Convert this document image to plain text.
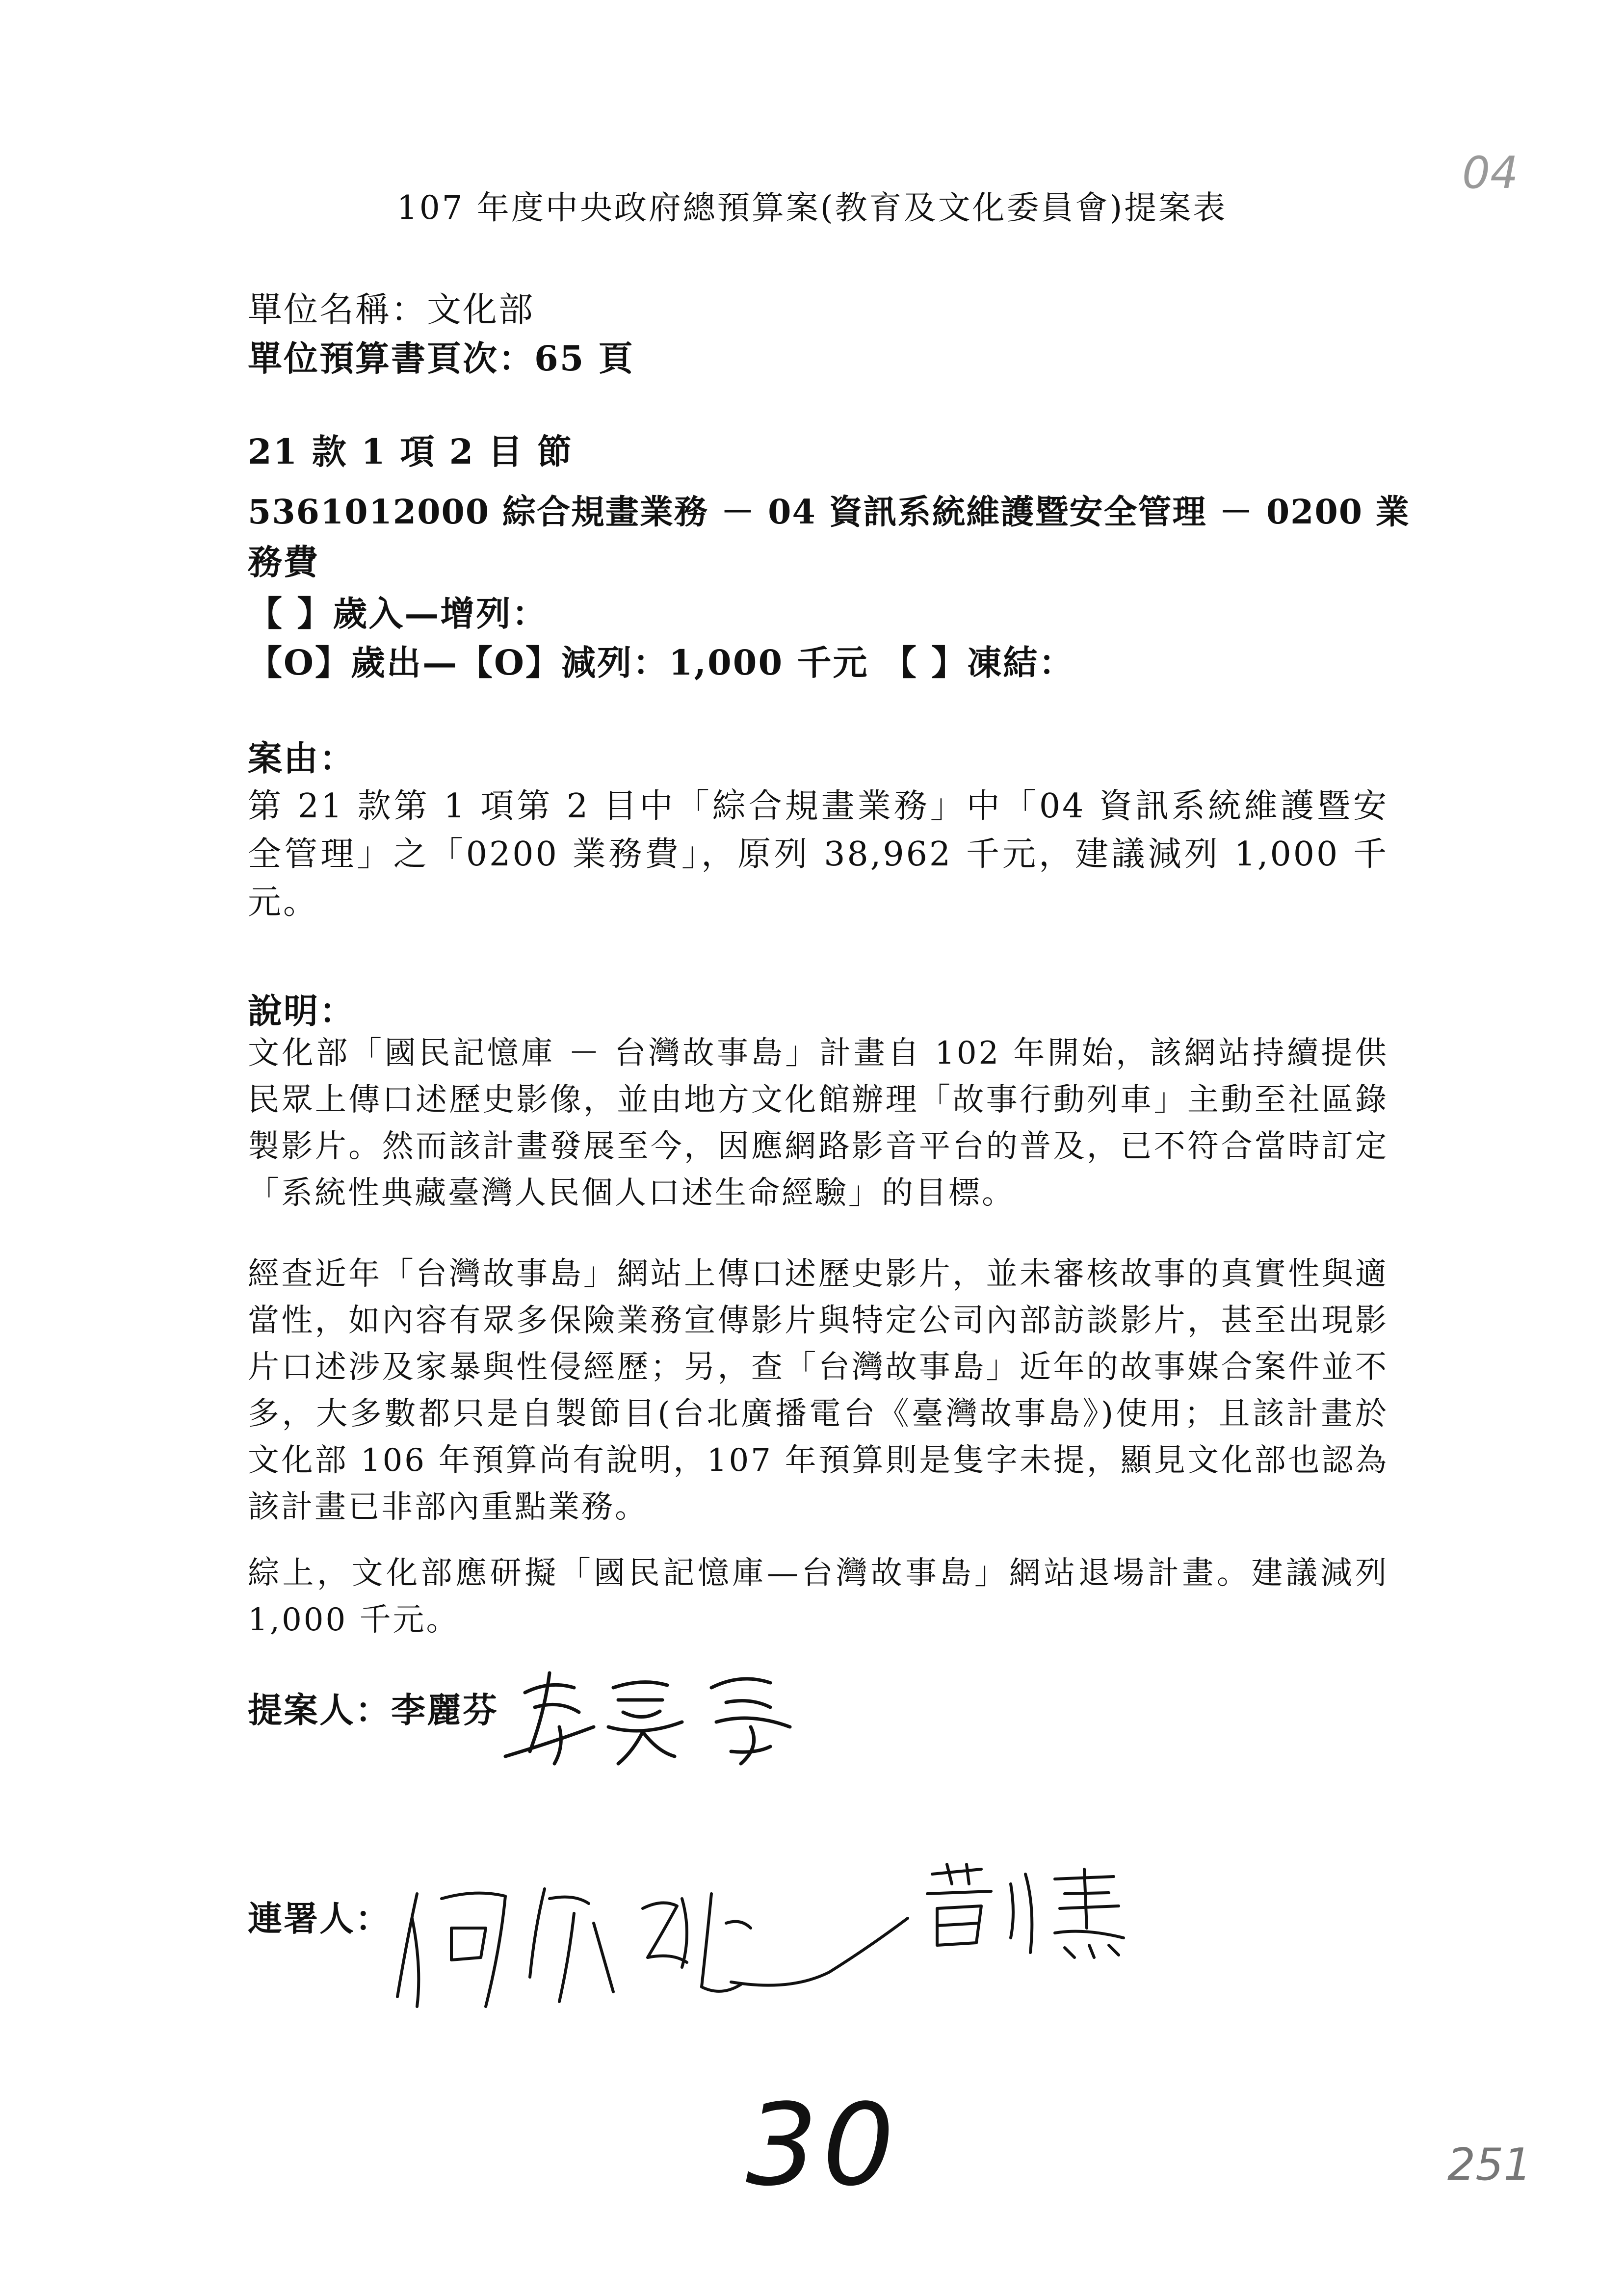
04
107 年度中央政府總預算案(教育及文化委員會)提案表
單位名稱：文化部
單位預算書頁次：65 頁
21 款 1 項 2 目 節
5361012000 綜合規畫業務 － 04 資訊系統維護暨安全管理 － 0200 業
務費
【 】歲入—增列：
【O】歲出—【O】減列：1,000 千元 【 】凍結：
案由：
第 21 款第 1 項第 2 目中「綜合規畫業務」中「04 資訊系統維護暨安全管理」之「0200 業務費」，原列 38,962 千元，建議減列 1,000 千元。
說明：
文化部「國民記憶庫 － 台灣故事島」計畫自 102 年開始，該網站持續提供民眾上傳口述歷史影像，並由地方文化館辦理「故事行動列車」主動至社區錄製影片。然而該計畫發展至今，因應網路影音平台的普及，已不符合當時訂定「系統性典藏臺灣人民個人口述生命經驗」的目標。
經查近年「台灣故事島」網站上傳口述歷史影片，並未審核故事的真實性與適當性，如內容有眾多保險業務宣傳影片與特定公司內部訪談影片，甚至出現影片口述涉及家暴與性侵經歷；另，查「台灣故事島」近年的故事媒合案件並不多，大多數都只是自製節目(台北廣播電台《臺灣故事島》)使用；且該計畫於文化部 106 年預算尚有說明，107 年預算則是隻字未提，顯見文化部也認為該計畫已非部內重點業務。
綜上，文化部應研擬「國民記憶庫—台灣故事島」網站退場計畫。建議減列 1,000 千元。
提案人：李麗芬
連署人：
30	251
